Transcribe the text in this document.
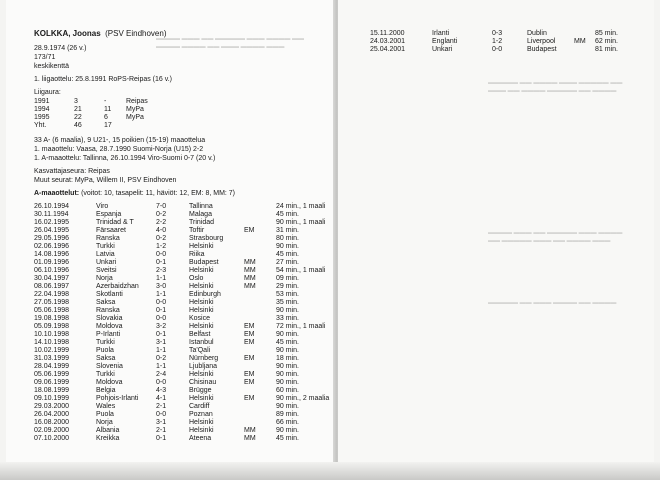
▬▬▬▬ ▬▬▬ ▬▬ ▬▬▬▬▬ ▬▬▬ ▬▬▬▬ ▬▬
▬▬▬▬ ▬▬▬▬ ▬▬ ▬▬▬ ▬▬▬▬ ▬▬▬
KOLKKA, Joonas (PSV Eindhoven)
28.9.1974 (26 v.)
173/71
keskikenttä
1. liigaottelu: 25.8.1991 RoPS-Reipas (16 v.)
Liigaura:
1991	3	-	Reipas
1994	21	11 MyPa
1995	22	6	MyPa
Yht.	46	17
33 A- (6 maalia), 9 U21-, 15 poikien (15-19) maaottelua
1. maaottelu: Vaasa, 28.7.1990 Suomi-Norja (U15) 2-2
1. A-maaottelu: Tallinna, 26.10.1994 Viro-Suomi 0-7 (20 v.)
Kasvattajaseura: Reipas
Muut seurat: MyPa, Willem II, PSV Eindhoven
A-maaottelut: (voitot: 10, tasapelit: 11, häviöt: 12, EM: 8, MM: 7)
26.10.1994	Viro	7-0	Tallinna	24 min., 1 maali
30.11.1994	Espanja	0-2	Malaga	45 min.
16.02.1995	Trinidad & T	2-2	Trinidad	90 min., 1 maali
26.04.1995	Färsaaret	4-0	Toftir	EM	31 min.
29.05.1996	Ranska	0-2	Strasbourg	80 min.
02.06.1996	Turkki	1-2	Helsinki	90 min.
14.08.1996	Latvia	0-0	Riika	45 min.
01.09.1996	Unkari	0-1	Budapest	MM	27 min.
06.10.1996	Sveitsi	2-3	Helsinki	MM	54 min., 1 maali
30.04.1997	Norja	1-1	Oslo	MM	09 min.
08.06.1997	Azerbaidzhan 3-0	Helsinki	MM	29 min.
22.04.1998	Skotlanti	1-1	Edinburgh	53 min.
27.05.1998	Saksa	0-0	Helsinki	35 min.
05.06.1998	Ranska	0-1	Helsinki	90 min.
19.08.1998	Slovakia	0-0	Kosice	33 min.
05.09.1998	Moldova	3-2	Helsinki	EM	72 min., 1 maali
10.10.1998	P-Irlanti	0-1	Belfast	EM	90 min.
14.10.1998	Turkki	3-1	Istanbul	EM	45 min.
10.02.1999	Puola	1-1	Ta'Qali	90 min.
31.03.1999	Saksa	0-2	Nürnberg	EM	18 min.
28.04.1999	Slovenia	1-1	Ljubljana	90 min.
05.06.1999	Turkki	2-4	Helsinki	EM	90 min.
09.06.1999	Moldova	0-0	Chisinau	EM	90 min.
18.08.1999	Belgia	4-3	Brügge	60 min.
09.10.1999	Pohjois-Irlanti	4-1	Helsinki	EM	90 min., 2 maalia
29.03.2000	Wales	2-1	Cardiff	90 min.
26.04.2000	Puola	0-0	Poznan	89 min.
16.08.2000	Norja	3-1	Helsinki	66 min.
02.09.2000	Albania	2-1	Helsinki	MM	90 min.
07.10.2000	Kreikka	0-1	Ateena	MM	45 min.
15.11.2000	Irlanti	0-3	Dublin	85 min.
24.03.2001	Englanti	1-2	Liverpool	MM 62 min.
25.04.2001	Unkari	0-0	Budapest	81 min.
▬▬▬▬▬ ▬▬ ▬▬▬▬ ▬▬▬ ▬▬▬▬▬ ▬▬
▬▬▬ ▬▬ ▬▬▬▬ ▬▬▬▬▬ ▬▬ ▬▬▬▬
▬▬▬▬ ▬▬▬ ▬▬ ▬▬▬▬▬ ▬▬▬ ▬▬▬▬
▬▬ ▬▬▬▬▬ ▬▬▬ ▬▬ ▬▬▬▬ ▬▬▬
▬▬▬▬▬ ▬▬ ▬▬▬ ▬▬▬▬ ▬▬ ▬▬▬▬
